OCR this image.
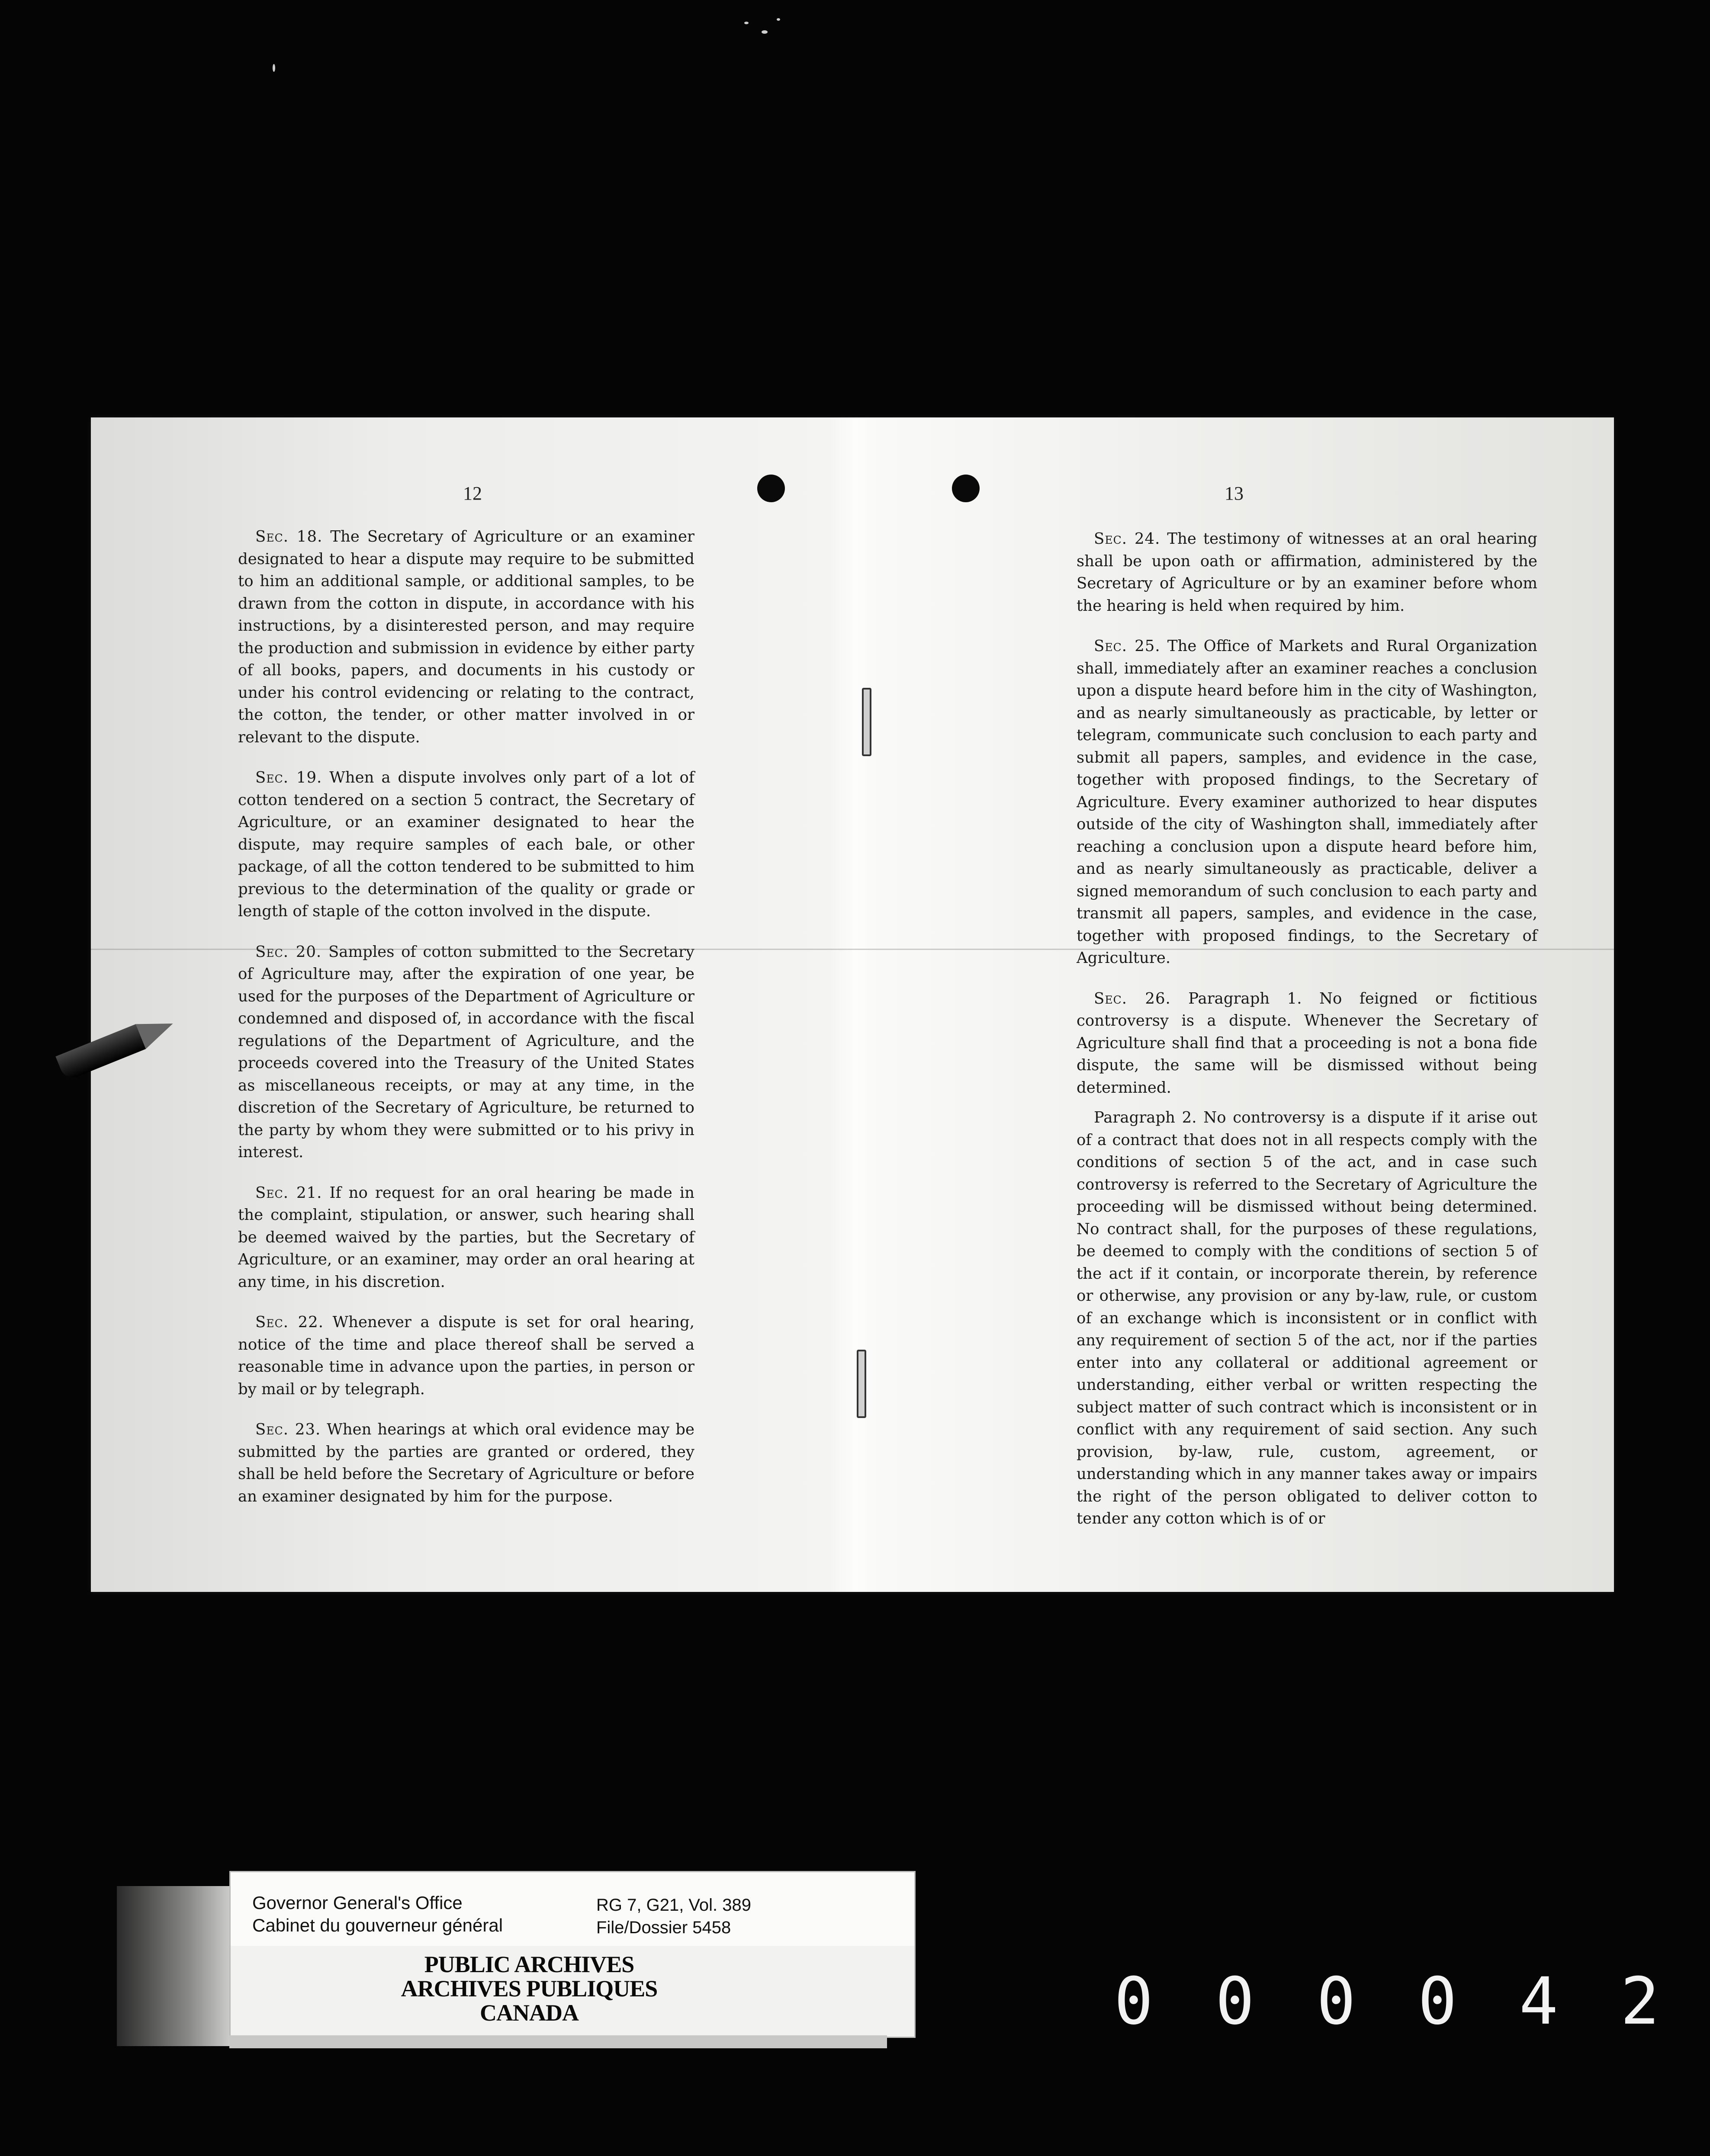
12

Sec. 18. The Secretary of Agriculture or an examiner designated to hear a dispute may require to be submitted to him an additional sample, or additional samples, to be drawn from the cotton in dispute, in accordance with his instructions, by a disinterested person, and may require the production and submission in evidence by either party of all books, papers, and documents in his custody or under his control evidencing or relating to the contract, the cotton, the tender, or other matter involved in or relevant to the dispute.

Sec. 19. When a dispute involves only part of a lot of cotton tendered on a section 5 contract, the Secretary of Agriculture, or an examiner designated to hear the dispute, may require samples of each bale, or other package, of all the cotton tendered to be submitted to him previous to the determination of the quality or grade or length of staple of the cotton involved in the dispute.

Sec. 20. Samples of cotton submitted to the Secretary of Agriculture may, after the expiration of one year, be used for the purposes of the Department of Agriculture or condemned and disposed of, in accordance with the fiscal regulations of the Department of Agriculture, and the proceeds covered into the Treasury of the United States as miscellaneous receipts, or may at any time, in the discretion of the Secretary of Agriculture, be returned to the party by whom they were submitted or to his privy in interest.

Sec. 21. If no request for an oral hearing be made in the complaint, stipulation, or answer, such hearing shall be deemed waived by the parties, but the Secretary of Agriculture, or an examiner, may order an oral hearing at any time, in his discretion.

Sec. 22. Whenever a dispute is set for oral hearing, notice of the time and place thereof shall be served a reasonable time in advance upon the parties, in person or by mail or by telegraph.

Sec. 23. When hearings at which oral evidence may be submitted by the parties are granted or ordered, they shall be held before the Secretary of Agriculture or before an examiner designated by him for the purpose.

13

Sec. 24. The testimony of witnesses at an oral hearing shall be upon oath or affirmation, administered by the Secretary of Agriculture or by an examiner before whom the hearing is held when required by him.

Sec. 25. The Office of Markets and Rural Organization shall, immediately after an examiner reaches a conclusion upon a dispute heard before him in the city of Washington, and as nearly simultaneously as practicable, by letter or telegram, communicate such conclusion to each party and submit all papers, samples, and evidence in the case, together with proposed findings, to the Secretary of Agriculture. Every examiner authorized to hear disputes outside of the city of Washington shall, immediately after reaching a conclusion upon a dispute heard before him, and as nearly simultaneously as practicable, deliver a signed memorandum of such conclusion to each party and transmit all papers, samples, and evidence in the case, together with proposed findings, to the Secretary of Agriculture.

Sec. 26. Paragraph 1. No feigned or fictitious controversy is a dispute. Whenever the Secretary of Agriculture shall find that a proceeding is not a bona fide dispute, the same will be dismissed without being determined.

Paragraph 2. No controversy is a dispute if it arise out of a contract that does not in all respects comply with the conditions of section 5 of the act, and in case such controversy is referred to the Secretary of Agriculture the proceeding will be dismissed without being determined. No contract shall, for the purposes of these regulations, be deemed to comply with the conditions of section 5 of the act if it contain, or incorporate therein, by reference or otherwise, any provision or any by-law, rule, or custom of an exchange which is inconsistent or in conflict with any requirement of section 5 of the act, nor if the parties enter into any collateral or additional agreement or understanding, either verbal or written respecting the subject matter of such contract which is inconsistent or in conflict with any requirement of said section. Any such provision, by-law, rule, custom, agreement, or understanding which in any manner takes away or impairs the right of the person obligated to deliver cotton to tender any cotton which is of or

Governor General's Office
Cabinet du gouverneur général
RG 7, G21, Vol. 389
File/Dossier 5458
PUBLIC ARCHIVES
ARCHIVES PUBLIQUES
CANADA	0 0 0 0 4 2
